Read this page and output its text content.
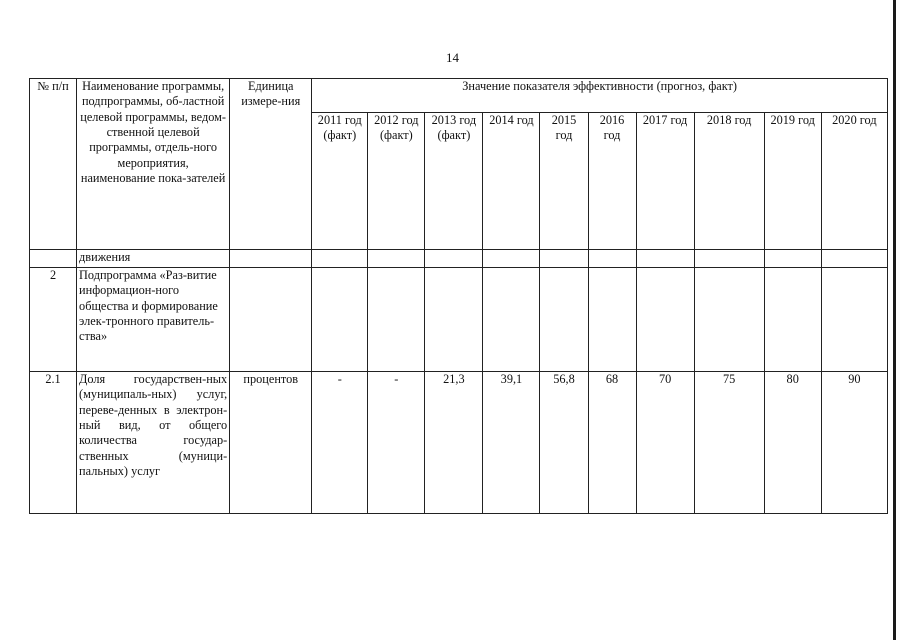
14
№ п/п	Наименование программы, подпрограммы, об-ластной целевой программы, ведом-ственной целевой программы, отдель-ного мероприятия, наименование пока-зателей	Единица измере-ния	Значение показателя эффективности (прогноз, факт)									
			2011 год (факт)	2012 год (факт)	2013 год (факт)	2014 год	2015 год	2016 год	2017 год	2018 год	2019 год	2020 год
	движения											
2	Подпрограмма «Раз-витие информацион-ного общества и формирование элек-тронного правитель-ства»											
2.1	Доля государствен-ных (муниципаль-ных) услуг, переве-денных в электрон-ный вид, от общего количества государ-ственных (муници-пальных) услуг	процентов	-	-	21,3	39,1	56,8	68	70	75	80	90
